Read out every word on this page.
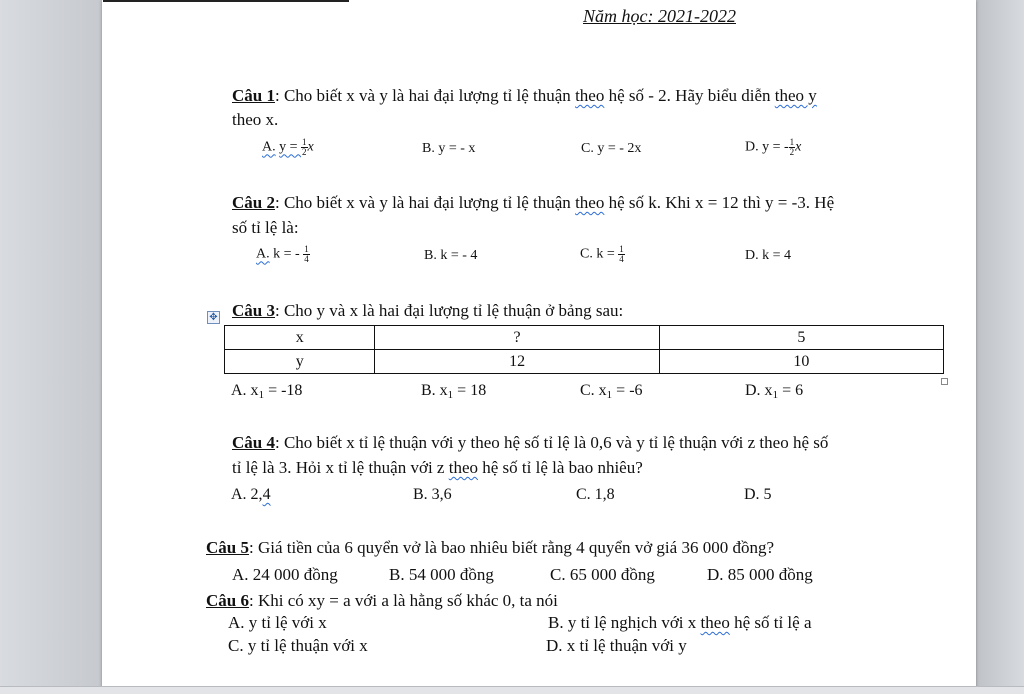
Năm học: 2021-2022
Câu 1: Cho biết x và y là hai đại lượng tỉ lệ thuận theo hệ số - 2. Hãy biểu diễn theo y
theo x.
A. $y = \frac{1}{2}$ x	B. y = - x	C. y = - 2x	D. y = - $\frac{1}{2}$ x
Câu 2: Cho biết x và y là hai đại lượng tỉ lệ thuận theo hệ số k. Khi x = 12 thì y = -3. Hệ
số tỉ lệ là:
A. k = - $\frac{1}{4}$	B. k = - 4	C. $k = \frac{1}{4}$	D. k = 4
✥ Câu 3: Cho y và x là hai đại lượng tỉ lệ thuận ở bảng sau:
x	?	5
y	12	10
A. $x_1 = -18$	B. $x_1 = 18$	C. $x_1 = -6$	D. $x_1 = 6$
Câu 4: Cho biết x tỉ lệ thuận với y theo hệ số tỉ lệ là 0,6 và y tỉ lệ thuận với z theo hệ số
tỉ lệ là 3. Hỏi x tỉ lệ thuận với z theo hệ số tỉ lệ là bao nhiêu?
A. 2,4	B. 3,6	C. 1,8	D. 5
Câu 5: Giá tiền của 6 quyển vở là bao nhiêu biết rằng 4 quyển vở giá 36 000 đồng?
A. 24 000 đồng	B. 54 000 đồng	C. 65 000 đồng	D. 85 000 đồng
Câu 6: Khi có xy = a với a là hằng số khác 0, ta nói
A. y tỉ lệ với x	B. y tỉ lệ nghịch với x theo hệ số tỉ lệ a
C. y tỉ lệ thuận với x	D. x tỉ lệ thuận với y
